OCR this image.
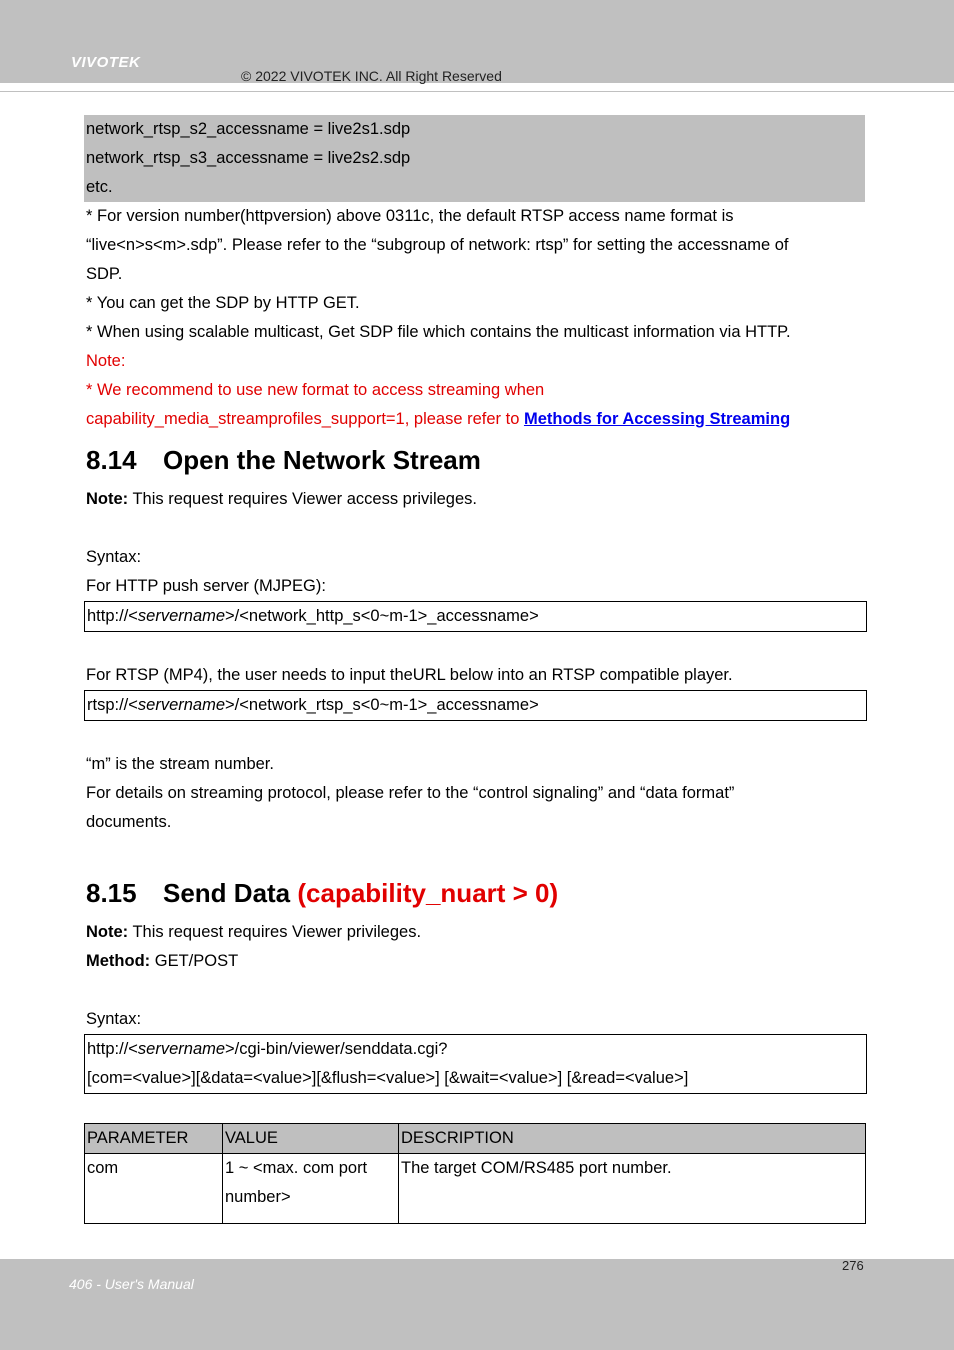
VIVOTEK
© 2022 VIVOTEK INC. All Right Reserved
network_rtsp_s2_accessname = live2s1.sdp
network_rtsp_s3_accessname = live2s2.sdp
etc.

* For version number(httpversion) above 0311c, the default RTSP access name format is

“live<n>s<m>.sdp”. Please refer to the “subgroup of network: rtsp” for setting the accessname of

SDP.

* You can get the SDP by HTTP GET.

* When using scalable multicast, Get SDP file which contains the multicast information via HTTP.

Note:

* We recommend to use new format to access streaming when

capability_media_streamprofiles_support=1, please refer to Methods for Accessing Streaming

8.14 Open the Network Stream

Note: This request requires Viewer access privileges.

Syntax:

For HTTP push server (MJPEG):

http://<servername>/<network_http_s<0~m-1>_accessname>

For RTSP (MP4), the user needs to input theURL below into an RTSP compatible player.

rtsp://<servername>/<network_rtsp_s<0~m-1>_accessname>

“m” is the stream number.

For details on streaming protocol, please refer to the “control signaling” and “data format”

documents.

8.15 Send Data (capability_nuart > 0)

Note: This request requires Viewer privileges.

Method: GET/POST

Syntax:

http://<servername>/cgi-bin/viewer/senddata.cgi?
[com=<value>][&data=<value>][&flush=<value>] [&wait=<value>] [&read=<value>]
PARAMETER	VALUE	DESCRIPTION
com	1 ~ <max. com port number>	The target COM/RS485 port number.
276
406 - User's Manual
